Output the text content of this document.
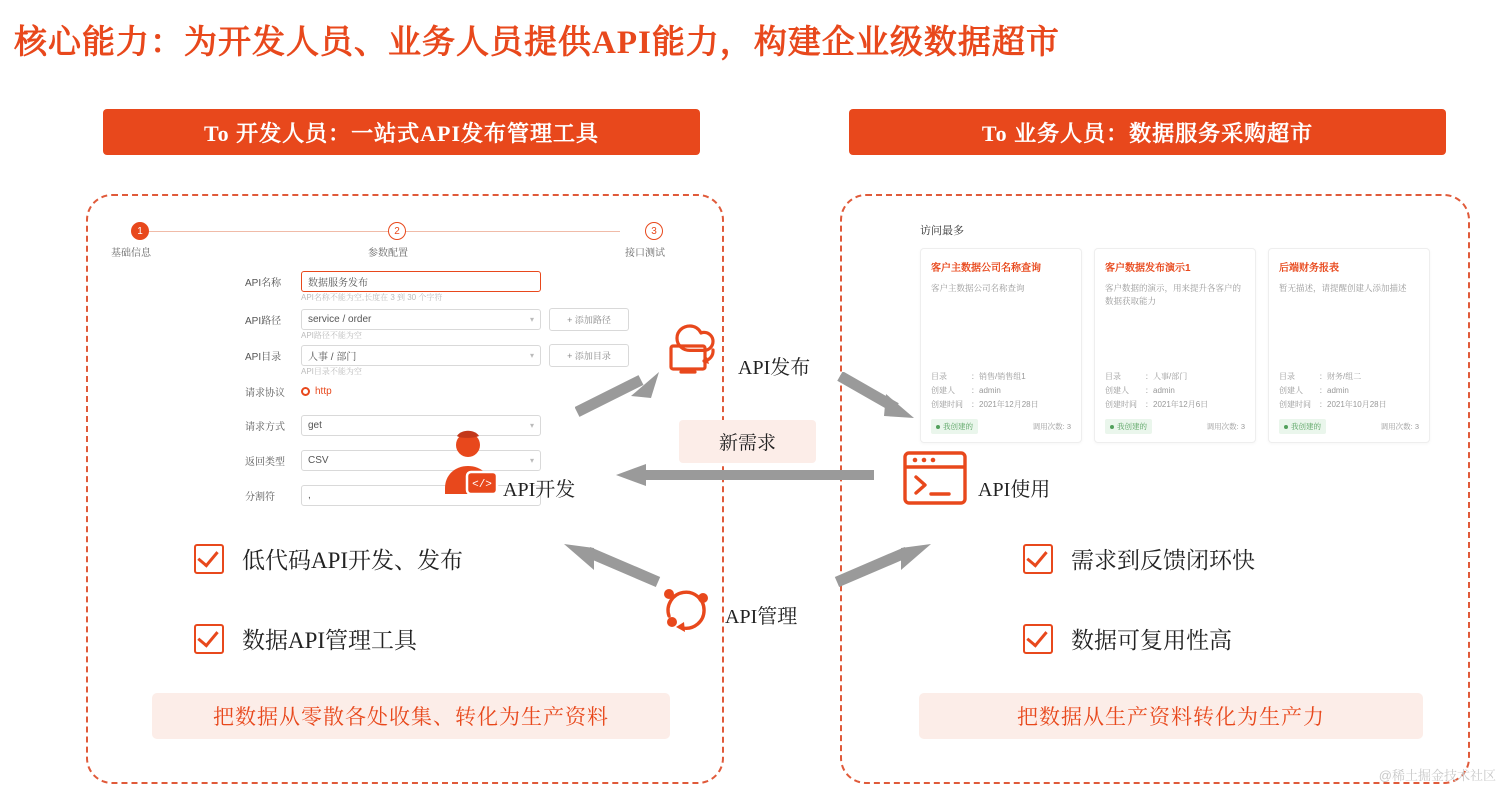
核心能力：为开发人员、业务人员提供API能力，构建企业级数据超市
To 开发人员：一站式API发布管理工具	To 业务人员：数据服务采购超市
1
基础信息
2
参数配置
3
接口测试
API名称	数据服务发布
API名称不能为空,长度在 3 到 30 个字符
API路径	service / order	▾	+ 添加路径
API路径不能为空
API目录	人事 / 部门	▾	+ 添加目录
API目录不能为空
请求协议	http
请求方式	get	▾
返回类型	CSV	▾
分割符	,
访问最多
客户主数据公司名称查询
客户主数据公司名称查询
目录	：销售/销售组1
创建人 ：admin
创建时间 ：2021年12月28日
我创建的	调用次数: 3
客户数据发布演示1
客户数据的演示，用来提升各客户的数据获取能力
目录	：人事/部门
创建人 ：admin
创建时间 ：2021年12月6日
我创建的	调用次数: 3
后端财务报表
暂无描述，请提醒创建人添加描述
目录	：财务/组二
创建人 ：admin
创建时间 ：2021年10月28日
我创建的	调用次数: 3
API发布
</> API开发	API使用
API管理
新需求
低代码API开发、发布
数据API管理工具
需求到反馈闭环快
数据可复用性高
把数据从零散各处收集、转化为生产资料	把数据从生产资料转化为生产力
@稀土掘金技术社区
